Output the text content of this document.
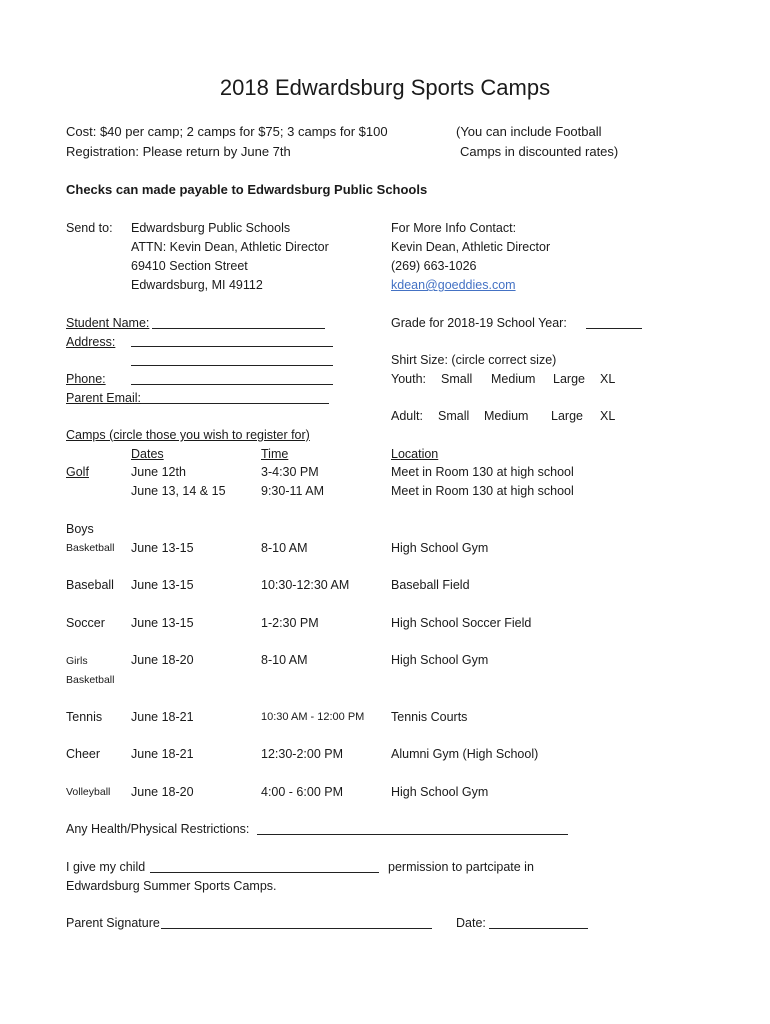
2018 Edwardsburg Sports Camps
Cost: $40 per camp; 2 camps for $75; 3 camps for $100
Registration: Please return by June 7th
(You can include Football
Camps in discounted rates)
Checks can made payable to Edwardsburg Public Schools
Send to: Edwardsburg Public Schools
ATTN: Kevin Dean, Athletic Director
69410 Section Street
Edwardsburg, MI 49112
For More Info Contact:
Kevin Dean, Athletic Director
(269) 663-1026
kdean@goeddies.com
Student Name:
Address:
Phone:
Parent Email:
Grade for 2018-19 School Year:
Shirt Size: (circle correct size)
Youth: Small Medium Large XL
Adult: Small Medium Large XL
Camps (circle those you wish to register for)
Dates	Time	Location
Golf	June 12th	3-4:30 PM	Meet in Room 130 at high school
June 13, 14 & 15	9:30-11 AM	Meet in Room 130 at high school
Boys
Basketball June 13-15	8-10 AM	High School Gym
Baseball June 13-15	10:30-12:30 AM	Baseball Field
Soccer June 13-15	1-2:30 PM	High School Soccer Field
Girls
Basketball
June 18-20	8-10 AM	High School Gym
Tennis June 18-21	10:30 AM - 12:00 PM Tennis Courts
Cheer June 18-21	12:30-2:00 PM	Alumni Gym (High School)
Volleyball June 18-20	4:00 - 6:00 PM	High School Gym
Any Health/Physical Restrictions:
I give my child	permission to partcipate in
Edwardsburg Summer Sports Camps.
Parent Signature	Date:
